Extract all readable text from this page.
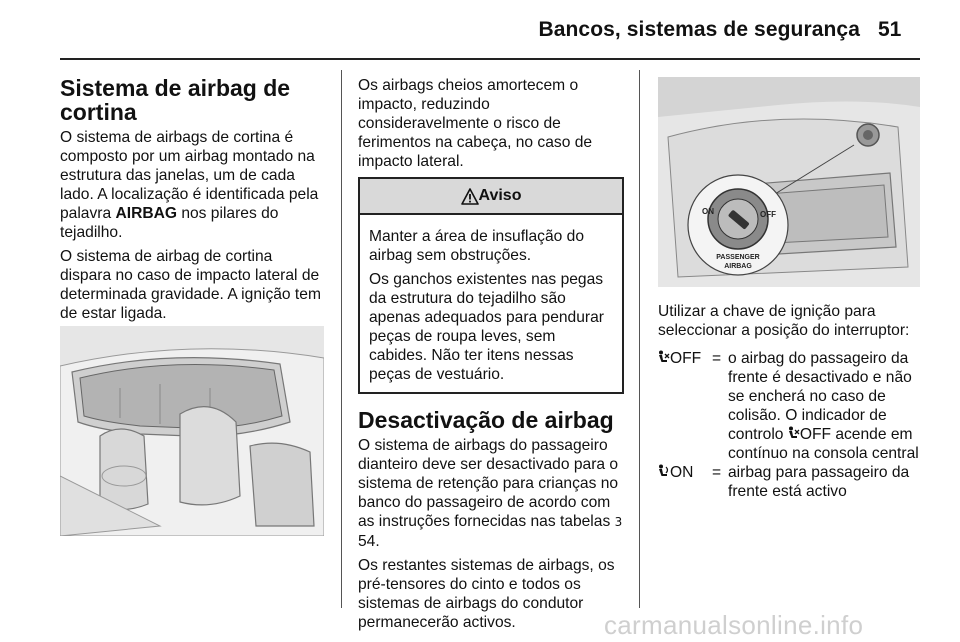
Bancos, sistemas de segurança 51
Sistema de airbag de cortina

O sistema de airbags de cortina é composto por um airbag montado na estrutura das janelas, um de cada lado. A localização é identificada pela palavra AIRBAG nos pilares do tejadilho.

O sistema de airbag de cortina dispara no caso de impacto lateral de determinada gravidade. A ignição tem de estar ligada.

Os airbags cheios amortecem o impacto, reduzindo consideravelmente o risco de ferimentos na cabeça, no caso de impacto lateral.

Aviso

Manter a área de insuflação do airbag sem obstruções.

Os ganchos existentes nas pegas da estrutura do tejadilho são apenas adequados para pendurar peças de roupa leves, sem cabides. Não ter itens nessas peças de vestuário.

Desactivação de airbag

O sistema de airbags do passageiro dianteiro deve ser desactivado para o sistema de retenção para crianças no banco do passageiro de acordo com as instruções fornecidas nas tabelas 3 54.

Os restantes sistemas de airbags, os pré-tensores do cinto e todos os sistemas de airbags do condutor permanecerão activos.

ON	OFF
PASSENGER
AIRBAG

Utilizar a chave de ignição para seleccionar a posição do interruptor:

OFF = o airbag do passageiro da frente é desactivado e não se encherá no caso de colisão. O indicador de controlo OFF acende em contínuo na consola central
ON	= airbag para passageiro da frente está activo
carmanualsonline.info
